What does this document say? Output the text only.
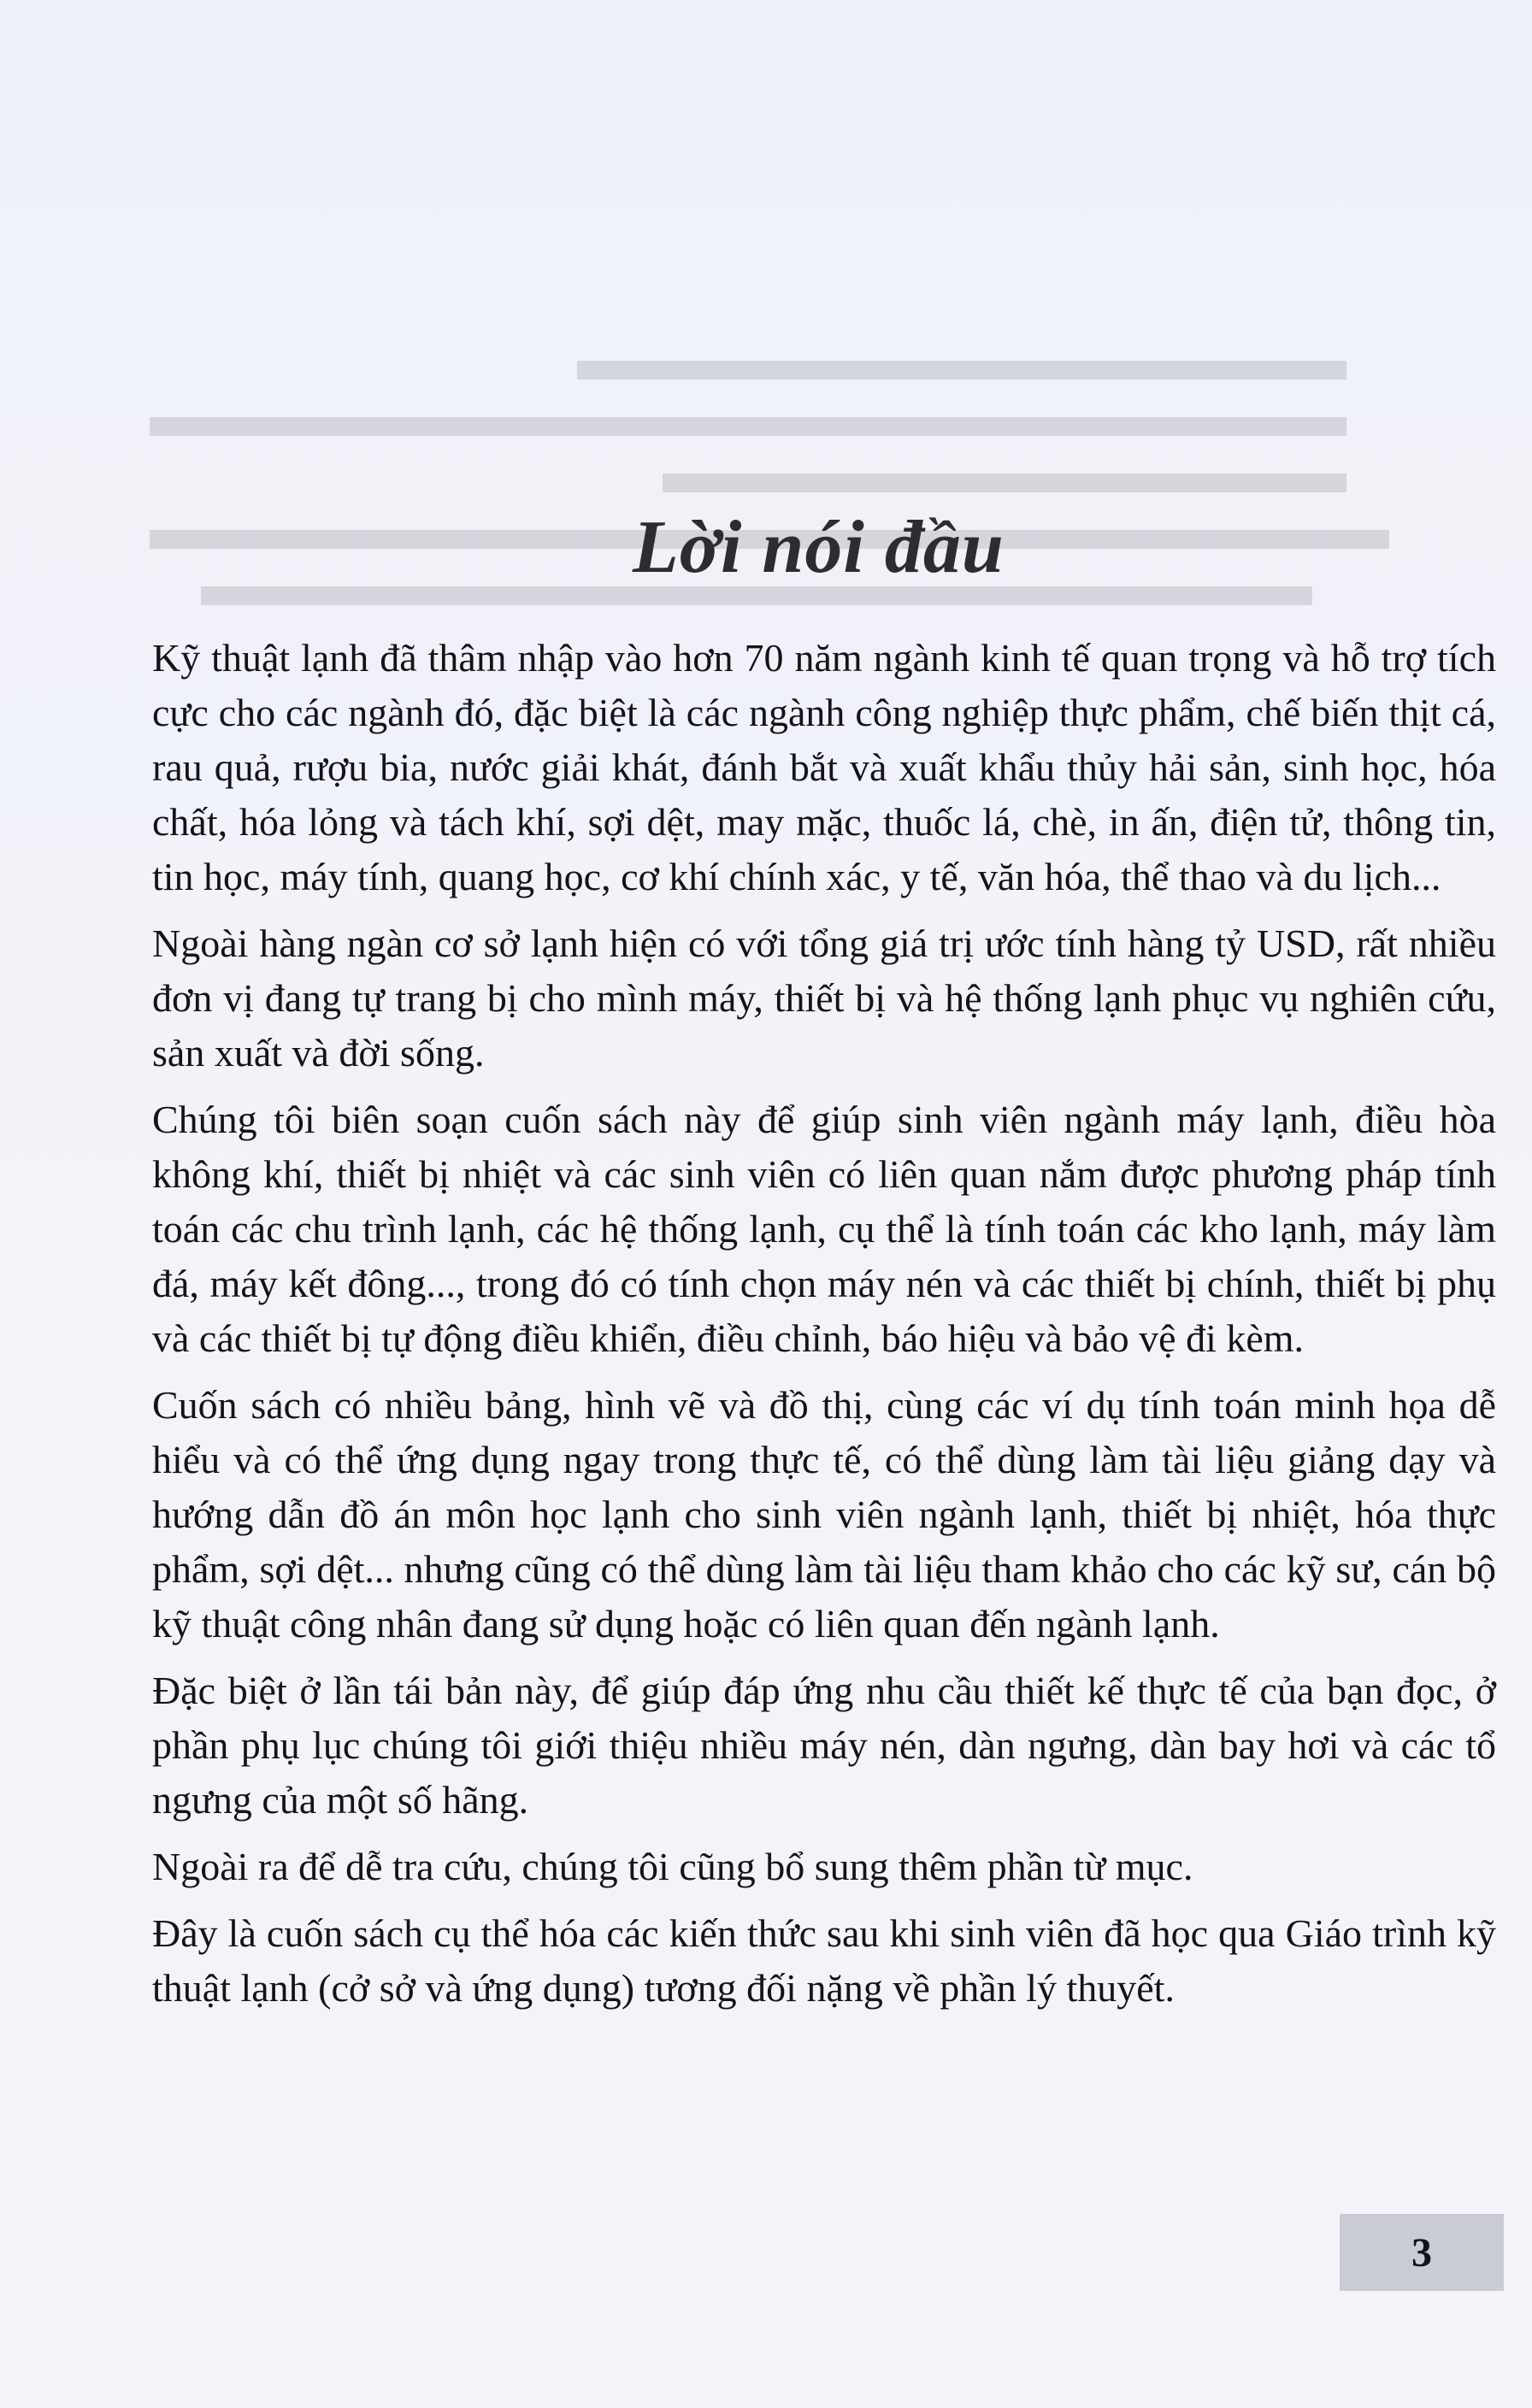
Lời nói đầu

Kỹ thuật lạnh đã thâm nhập vào hơn 70 năm ngành kinh tế quan trọng và hỗ trợ tích cực cho các ngành đó, đặc biệt là các ngành công nghiệp thực phẩm, chế biến thịt cá, rau quả, rượu bia, nước giải khát, đánh bắt và xuất khẩu thủy hải sản, sinh học, hóa chất, hóa lỏng và tách khí, sợi dệt, may mặc, thuốc lá, chè, in ấn, điện tử, thông tin, tin học, máy tính, quang học, cơ khí chính xác, y tế, văn hóa, thể thao và du lịch...

Ngoài hàng ngàn cơ sở lạnh hiện có với tổng giá trị ước tính hàng tỷ USD, rất nhiều đơn vị đang tự trang bị cho mình máy, thiết bị và hệ thống lạnh phục vụ nghiên cứu, sản xuất và đời sống.

Chúng tôi biên soạn cuốn sách này để giúp sinh viên ngành máy lạnh, điều hòa không khí, thiết bị nhiệt và các sinh viên có liên quan nắm được phương pháp tính toán các chu trình lạnh, các hệ thống lạnh, cụ thể là tính toán các kho lạnh, máy làm đá, máy kết đông..., trong đó có tính chọn máy nén và các thiết bị chính, thiết bị phụ và các thiết bị tự động điều khiển, điều chỉnh, báo hiệu và bảo vệ đi kèm.

Cuốn sách có nhiều bảng, hình vẽ và đồ thị, cùng các ví dụ tính toán minh họa dễ hiểu và có thể ứng dụng ngay trong thực tế, có thể dùng làm tài liệu giảng dạy và hướng dẫn đồ án môn học lạnh cho sinh viên ngành lạnh, thiết bị nhiệt, hóa thực phẩm, sợi dệt... nhưng cũng có thể dùng làm tài liệu tham khảo cho các kỹ sư, cán bộ kỹ thuật công nhân đang sử dụng hoặc có liên quan đến ngành lạnh.

Đặc biệt ở lần tái bản này, để giúp đáp ứng nhu cầu thiết kế thực tế của bạn đọc, ở phần phụ lục chúng tôi giới thiệu nhiều máy nén, dàn ngưng, dàn bay hơi và các tổ ngưng của một số hãng.

Ngoài ra để dễ tra cứu, chúng tôi cũng bổ sung thêm phần từ mục.

Đây là cuốn sách cụ thể hóa các kiến thức sau khi sinh viên đã học qua Giáo trình kỹ thuật lạnh (cở sở và ứng dụng) tương đối nặng về phần lý thuyết.

3
